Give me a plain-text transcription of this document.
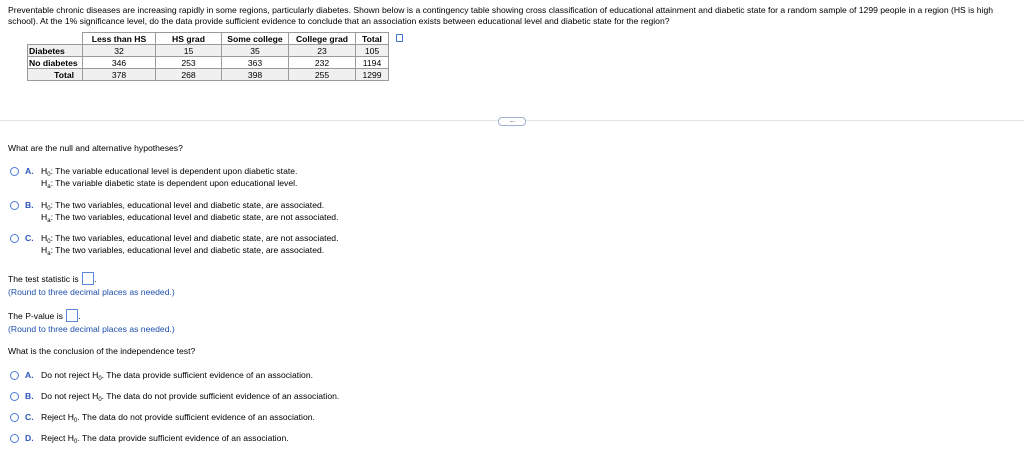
Preventable chronic diseases are increasing rapidly in some regions, particularly diabetes. Shown below is a contingency table showing cross classification of educational attainment and diabetic state for a random sample of 1299 people in a region (HS is high school). At the 1% significance level, do the data provide sufficient evidence to conclude that an association exists between educational level and diabetic state for the region?
	Less than HS	HS grad	Some college	College grad	Total
Diabetes	32	15	35	23	105
No diabetes	346	253	363	232	1194
Total	378	268	398	255	1299
....
What are the null and alternative hypotheses?
A. $H_0$: The variable educational level is dependent upon diabetic state.
$H_a$: The variable diabetic state is dependent upon educational level.
B. $H_0$: The two variables, educational level and diabetic state, are associated.
$H_a$: The two variables, educational level and diabetic state, are not associated.
C. $H_0$: The two variables, educational level and diabetic state, are not associated.
$H_a$: The two variables, educational level and diabetic state, are associated.
The test statistic is .
(Round to three decimal places as needed.)
The P-value is .
(Round to three decimal places as needed.)
What is the conclusion of the independence test?
A. Do not reject $H_0$. The data provide sufficient evidence of an association.
B. Do not reject $H_0$. The data do not provide sufficient evidence of an association.
C. Reject $H_0$. The data do not provide sufficient evidence of an association.
D. Reject $H_0$. The data provide sufficient evidence of an association.
